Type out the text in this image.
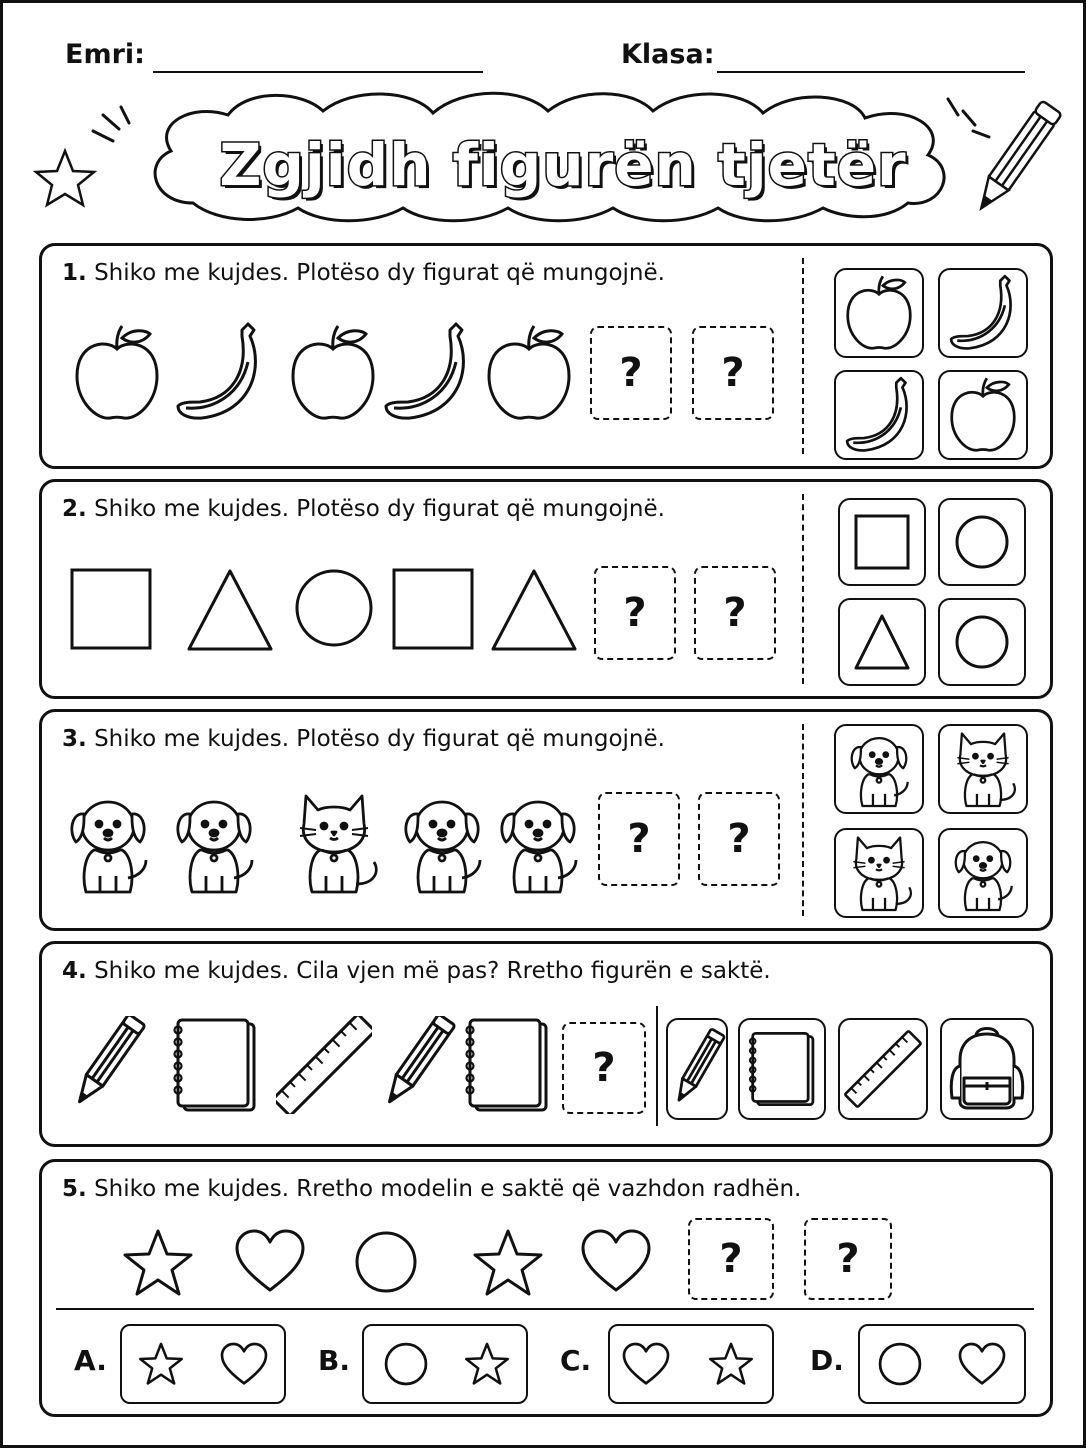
Emri:	Klasa:
Zgjidh figurën tjetër
1. Shiko me kujdes. Plotëso dy figurat që mungojnë.
?	?
2. Shiko me kujdes. Plotëso dy figurat që mungojnë.
?	?
3. Shiko me kujdes. Plotëso dy figurat që mungojnë.
?	?
4. Shiko me kujdes. Cila vjen më pas? Rretho figurën e saktë.
?
5. Shiko me kujdes. Rretho modelin e saktë që vazhdon radhën.
?	?
A.	B.	C.	D.
